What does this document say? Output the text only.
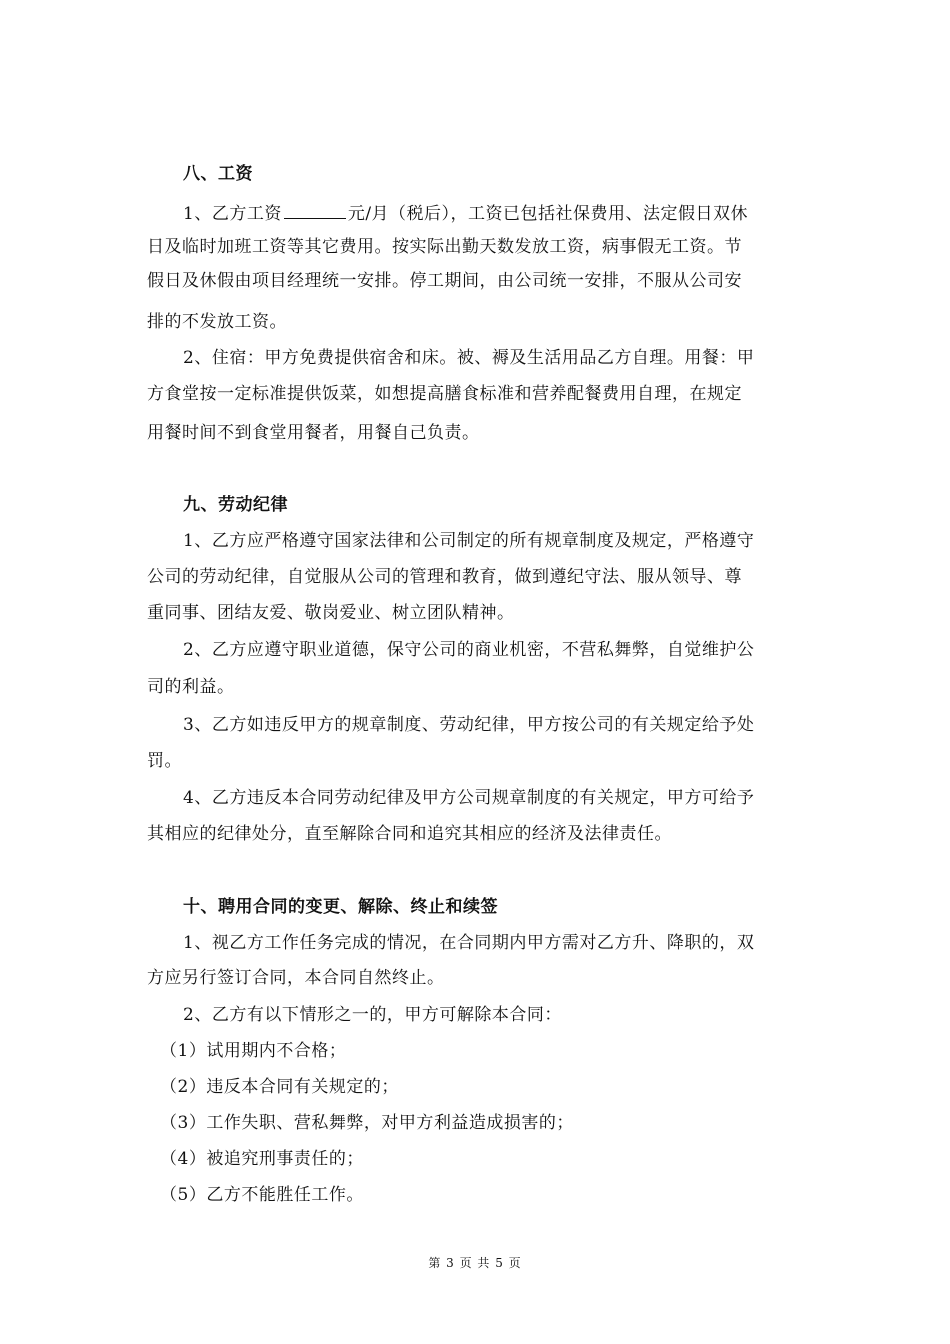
八、工资
1、乙方工资	元/月（税后），工资已包括社保费用、法定假日双休
日及临时加班工资等其它费用。按实际出勤天数发放工资，病事假无工资。节
假日及休假由项目经理统一安排。停工期间，由公司统一安排，不服从公司安
排的不发放工资。
2、住宿：甲方免费提供宿舍和床。被、褥及生活用品乙方自理。用餐：甲
方食堂按一定标准提供饭菜，如想提高膳食标准和营养配餐费用自理，在规定
用餐时间不到食堂用餐者，用餐自己负责。
九、劳动纪律
1、乙方应严格遵守国家法律和公司制定的所有规章制度及规定，严格遵守
公司的劳动纪律，自觉服从公司的管理和教育，做到遵纪守法、服从领导、尊
重同事、团结友爱、敬岗爱业、树立团队精神。
2、乙方应遵守职业道德，保守公司的商业机密，不营私舞弊，自觉维护公
司的利益。
3、乙方如违反甲方的规章制度、劳动纪律，甲方按公司的有关规定给予处
罚。
4、乙方违反本合同劳动纪律及甲方公司规章制度的有关规定，甲方可给予
其相应的纪律处分，直至解除合同和追究其相应的经济及法律责任。
十、聘用合同的变更、解除、终止和续签
1、视乙方工作任务完成的情况，在合同期内甲方需对乙方升、降职的，双
方应另行签订合同，本合同自然终止。
2、乙方有以下情形之一的，甲方可解除本合同：
（1）试用期内不合格；
（2）违反本合同有关规定的；
（3）工作失职、营私舞弊，对甲方利益造成损害的；
（4）被追究刑事责任的；
（5）乙方不能胜任工作。
第 3 页 共 5 页
